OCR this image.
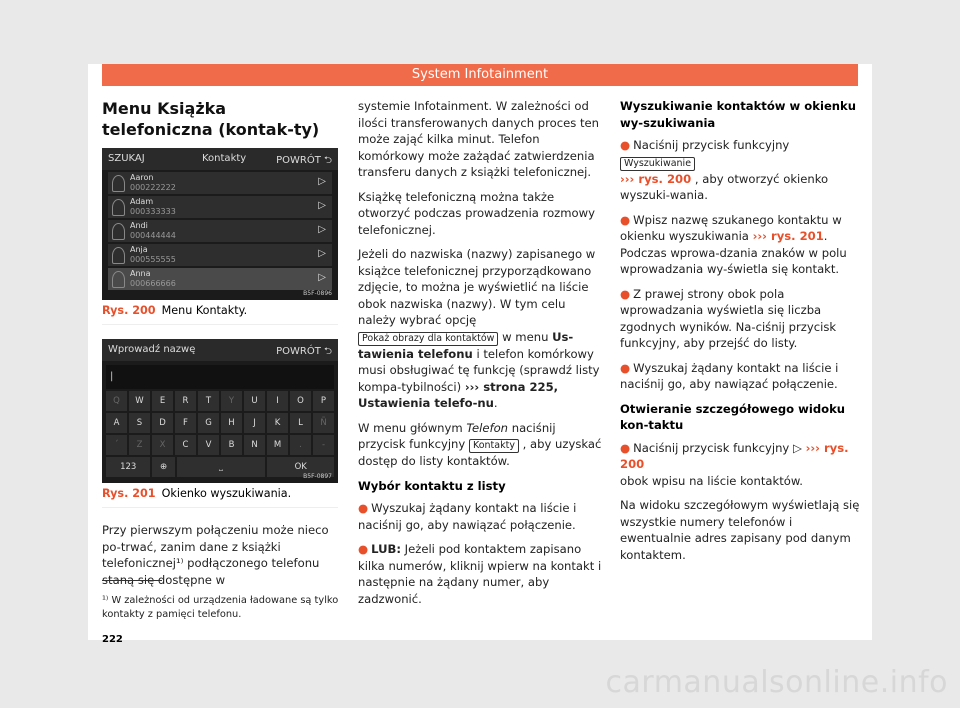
System Infotainment
Menu Książka telefoniczna (kontak-ty)
SZUKAJ	Kontakty	POWRÓT ⮌
Aaron
000222222
▷
Adam
000333333
▷
Andi
000444444
▷
Anja
000555555
▷
Anna
000666666
▷
B5F-0896
Rys. 200 Menu Kontakty.
Wprowadź nazwę	POWRÓT ⮌
|
Q	W	E	R	T	Y	U	I	O	P
A	S	D	F	G	H	J	K	L	Ñ
´	Z	X	C	V	B	N	M	.	-
123	⊕	⎵	OK
B5F-0897
Rys. 201 Okienko wyszukiwania.

Przy pierwszym połączeniu może nieco po-trwać, zanim dane z książki telefonicznej¹⁾ podłączonego telefonu staną się dostępne w

systemie Infotainment. W zależności od ilości transferowanych danych proces ten może zająć kilka minut. Telefon komórkowy może zażądać zatwierdzenia transferu danych z książki telefonicznej.

Książkę telefoniczną można także otworzyć podczas prowadzenia rozmowy telefonicznej.

Jeżeli do nazwiska (nazwy) zapisanego w książce telefonicznej przyporządkowano zdjęcie, to można je wyświetlić na liście obok nazwiska (nazwy). W tym celu należy wybrać opcję Pokaż obrazy dla kontaktów w menu Us-tawienia telefonu i telefon komórkowy musi obsługiwać tę funkcję (sprawdź listy kompa-tybilności) ››› strona 225, Ustawienia telefo-nu.

W menu głównym Telefon naciśnij przycisk funkcyjny Kontakty , aby uzyskać dostęp do listy kontaktów.

Wybór kontaktu z listy

● Wyszukaj żądany kontakt na liście i naciśnij go, aby nawiązać połączenie.

● LUB: Jeżeli pod kontaktem zapisano kilka numerów, kliknij wpierw na kontakt i następnie na żądany numer, aby zadzwonić.

Wyszukiwanie kontaktów w okienku wy-szukiwania

● Naciśnij przycisk funkcyjny Wyszukiwanie
››› rys. 200 , aby otworzyć okienko wyszuki-wania.

● Wpisz nazwę szukanego kontaktu w okienku wyszukiwania ››› rys. 201. Podczas wprowa-dzania znaków w polu wprowadzania wy-świetla się kontakt.

● Z prawej strony obok pola wprowadzania wyświetla się liczba zgodnych wyników. Na-ciśnij przycisk funkcyjny, aby przejść do listy.

● Wyszukaj żądany kontakt na liście i naciśnij go, aby nawiązać połączenie.

Otwieranie szczegółowego widoku kon-taktu

● Naciśnij przycisk funkcyjny ▷ ››› rys. 200
obok wpisu na liście kontaktów.

Na widoku szczegółowym wyświetlają się wszystkie numery telefonów i ewentualnie adres zapisany pod danym kontaktem.

¹⁾ W zależności od urządzenia ładowane są tylko kontakty z pamięci telefonu.
222
carmanualsonline.info
